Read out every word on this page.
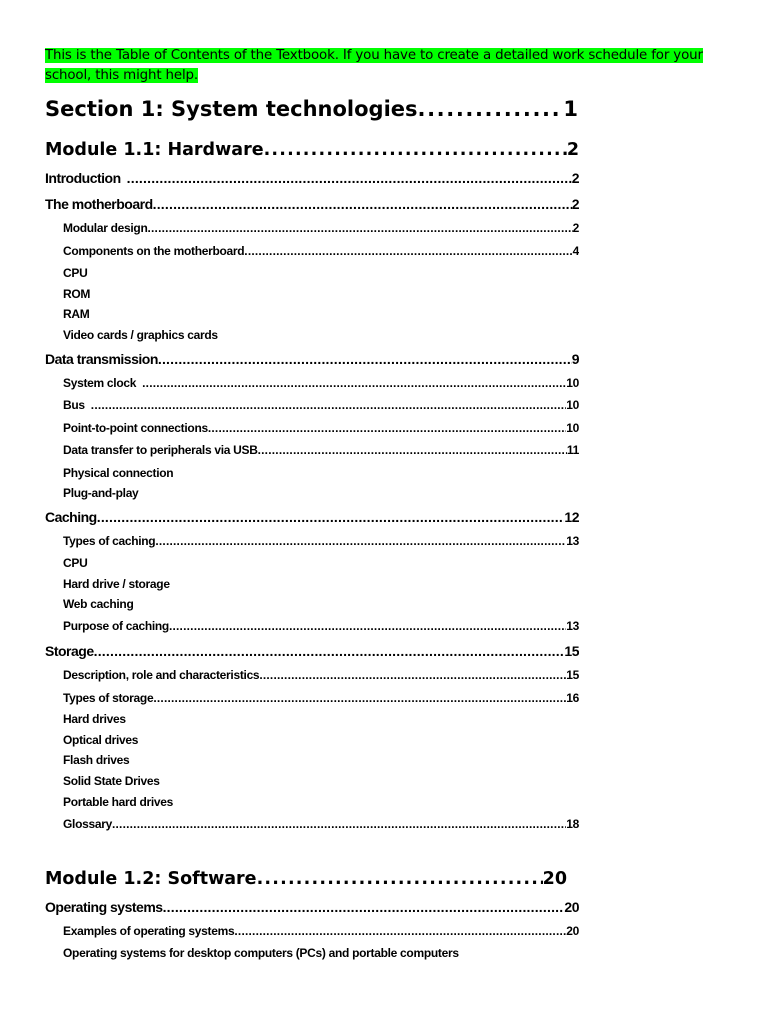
This is the Table of Contents of the Textbook. If you have to create a detailed work schedule for your school, this might help.
Section 1: System technologies .....	1
Module 1.1: Hardware .....	2
Introduction .....	2
The motherboard .....	2
Modular design .....	2
Components on the motherboard .....	4
CPU
ROM
RAM
Video cards / graphics cards
Data transmission .....	9
System clock .....	10
Bus .....	10
Point-to-point connections .....	10
Data transfer to peripherals via USB .....	11
Physical connection
Plug-and-play
Caching .....	12
Types of caching .....	13
CPU
Hard drive / storage
Web caching
Purpose of caching .....	13
Storage .....	15
Description, role and characteristics .....	15
Types of storage .....	16
Hard drives
Optical drives
Flash drives
Solid State Drives
Portable hard drives
Glossary .....	18
Module 1.2: Software .....	20
Operating systems .....	20
Examples of operating systems .....	20
Operating systems for desktop computers (PCs) and portable computers
